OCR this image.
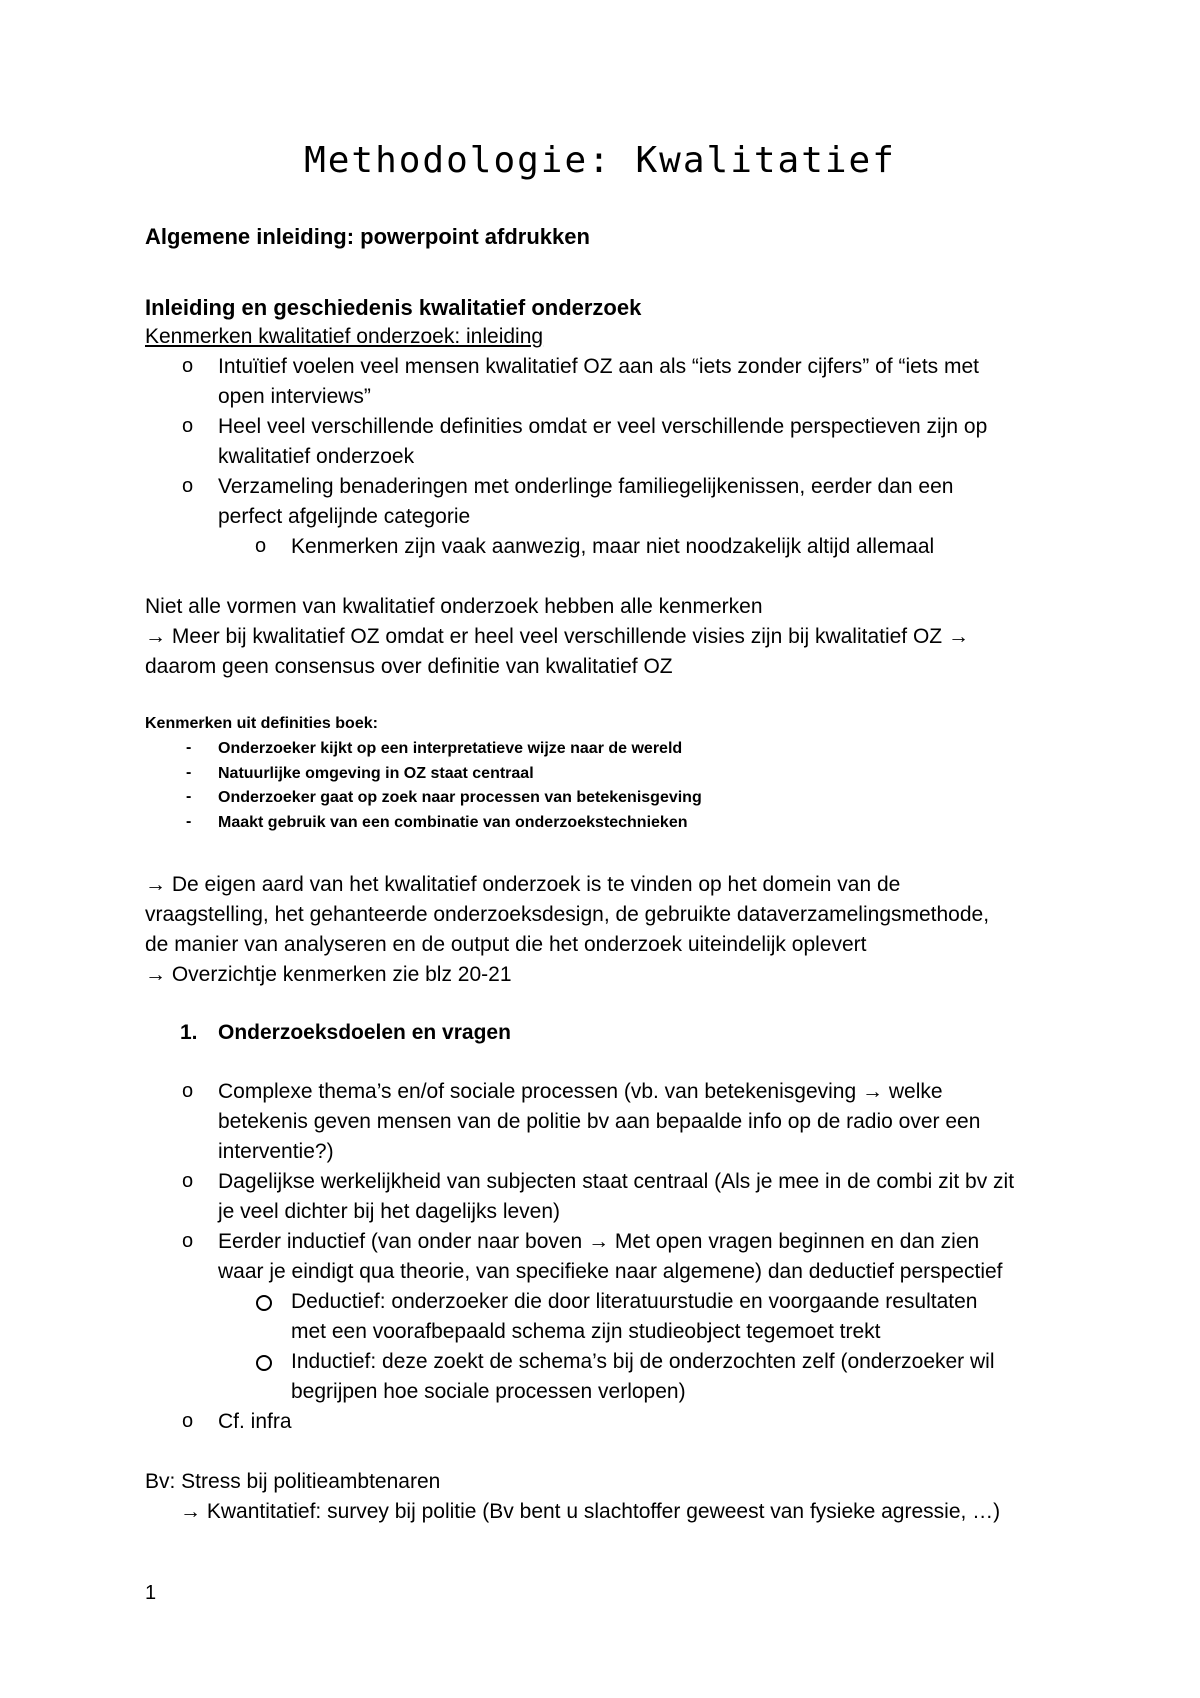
Methodologie: Kwalitatief
Algemene inleiding: powerpoint afdrukken
Inleiding en geschiedenis kwalitatief onderzoek
Kenmerken kwalitatief onderzoek: inleiding
o Intuïtief voelen veel mensen kwalitatief OZ aan als “iets zonder cijfers” of “iets met
open interviews”
o Heel veel verschillende definities omdat er veel verschillende perspectieven zijn op
kwalitatief onderzoek
o Verzameling benaderingen met onderlinge familiegelijkenissen, eerder dan een
perfect afgelijnde categorie
o Kenmerken zijn vaak aanwezig, maar niet noodzakelijk altijd allemaal
Niet alle vormen van kwalitatief onderzoek hebben alle kenmerken
→ Meer bij kwalitatief OZ omdat er heel veel verschillende visies zijn bij kwalitatief OZ →
daarom geen consensus over definitie van kwalitatief OZ
Kenmerken uit definities boek:
- Onderzoeker kijkt op een interpretatieve wijze naar de wereld
- Natuurlijke omgeving in OZ staat centraal
- Onderzoeker gaat op zoek naar processen van betekenisgeving
- Maakt gebruik van een combinatie van onderzoekstechnieken
→ De eigen aard van het kwalitatief onderzoek is te vinden op het domein van de
vraagstelling, het gehanteerde onderzoeksdesign, de gebruikte dataverzamelingsmethode,
de manier van analyseren en de output die het onderzoek uiteindelijk oplevert
→ Overzichtje kenmerken zie blz 20-21
1. Onderzoeksdoelen en vragen
o Complexe thema’s en/of sociale processen (vb. van betekenisgeving → welke
betekenis geven mensen van de politie bv aan bepaalde info op de radio over een
interventie?)
o Dagelijkse werkelijkheid van subjecten staat centraal (Als je mee in de combi zit bv zit
je veel dichter bij het dagelijks leven)
o Eerder inductief (van onder naar boven → Met open vragen beginnen en dan zien
waar je eindigt qua theorie, van specifieke naar algemene) dan deductief perspectief
Deductief: onderzoeker die door literatuurstudie en voorgaande resultaten
met een voorafbepaald schema zijn studieobject tegemoet trekt
Inductief: deze zoekt de schema’s bij de onderzochten zelf (onderzoeker wil
begrijpen hoe sociale processen verlopen)
o Cf. infra
Bv: Stress bij politieambtenaren
→ Kwantitatief: survey bij politie (Bv bent u slachtoffer geweest van fysieke agressie, …)
1
